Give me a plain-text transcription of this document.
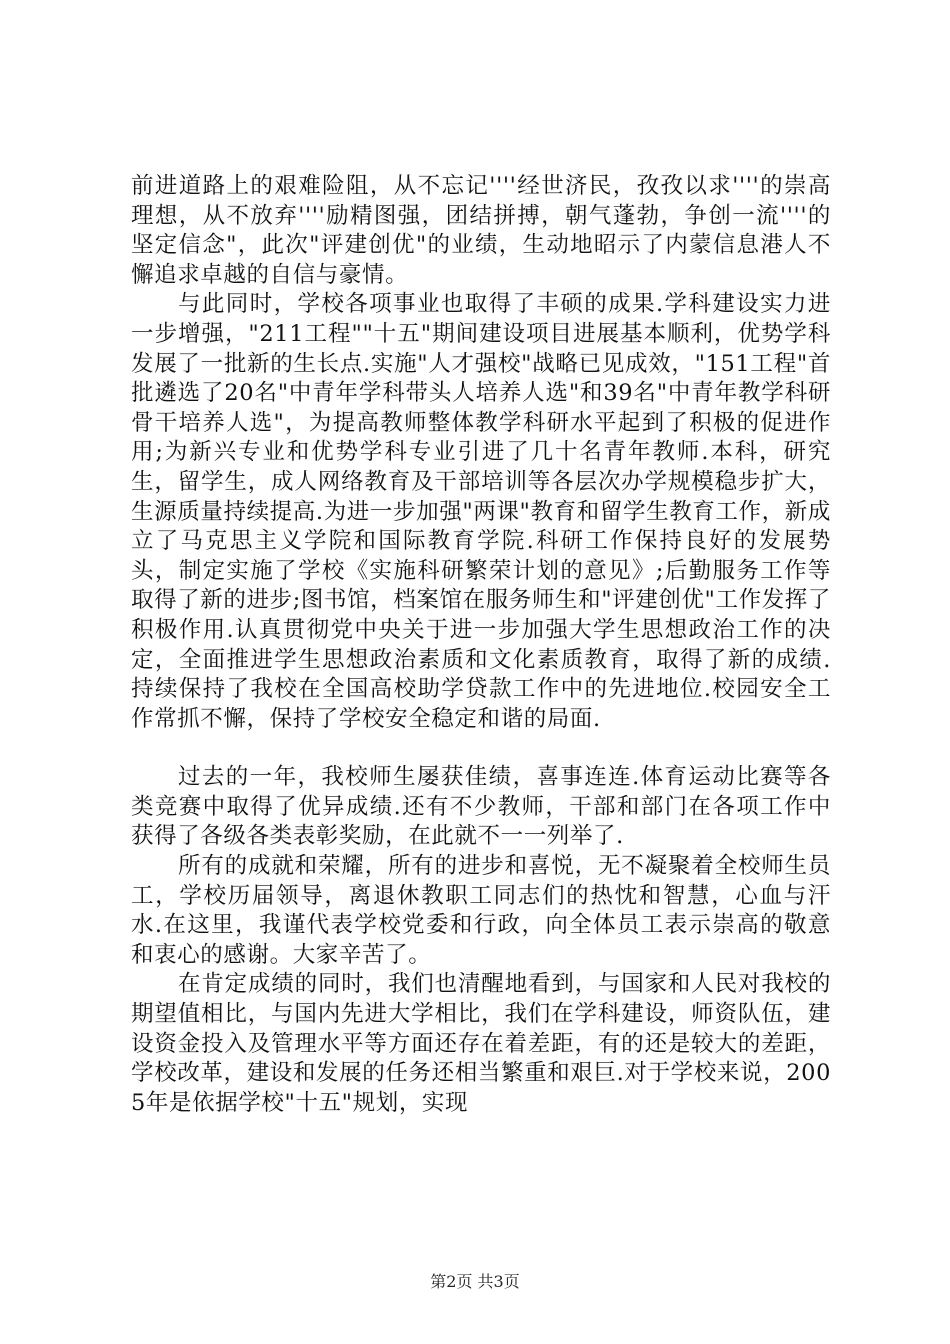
前进道路上的艰难险阻，从不忘记''''经世济民，孜孜以求''''的崇高理想，从不放弃''''励精图强，团结拼搏，朝气蓬勃，争创一流''''的坚定信念"，此次"评建创优"的业绩，生动地昭示了内蒙信息港人不懈追求卓越的自信与豪情。

与此同时，学校各项事业也取得了丰硕的成果.学科建设实力进一步增强，"211工程""十五"期间建设项目进展基本顺利，优势学科发展了一批新的生长点.实施"人才强校"战略已见成效，"151工程"首批遴选了20名"中青年学科带头人培养人选"和39名"中青年教学科研骨干培养人选"，为提高教师整体教学科研水平起到了积极的促进作用;为新兴专业和优势学科专业引进了几十名青年教师.本科，研究生，留学生，成人网络教育及干部培训等各层次办学规模稳步扩大，生源质量持续提高.为进一步加强"两课"教育和留学生教育工作，新成立了马克思主义学院和国际教育学院.科研工作保持良好的发展势头，制定实施了学校《实施科研繁荣计划的意见》;后勤服务工作等取得了新的进步;图书馆，档案馆在服务师生和"评建创优"工作发挥了积极作用.认真贯彻党中央关于进一步加强大学生思想政治工作的决定，全面推进学生思想政治素质和文化素质教育，取得了新的成绩.持续保持了我校在全国高校助学贷款工作中的先进地位.校园安全工作常抓不懈，保持了学校安全稳定和谐的局面.

过去的一年，我校师生屡获佳绩，喜事连连.体育运动比赛等各类竞赛中取得了优异成绩.还有不少教师，干部和部门在各项工作中获得了各级各类表彰奖励，在此就不一一列举了.

所有的成就和荣耀，所有的进步和喜悦，无不凝聚着全校师生员工，学校历届领导，离退休教职工同志们的热忱和智慧，心血与汗水.在这里，我谨代表学校党委和行政，向全体员工表示崇高的敬意和衷心的感谢。大家辛苦了。

在肯定成绩的同时，我们也清醒地看到，与国家和人民对我校的期望值相比，与国内先进大学相比，我们在学科建设，师资队伍，建设资金投入及管理水平等方面还存在着差距，有的还是较大的差距，学校改革，建设和发展的任务还相当繁重和艰巨.对于学校来说，2005年是依据学校"十五"规划，实现

第2页 共3页
